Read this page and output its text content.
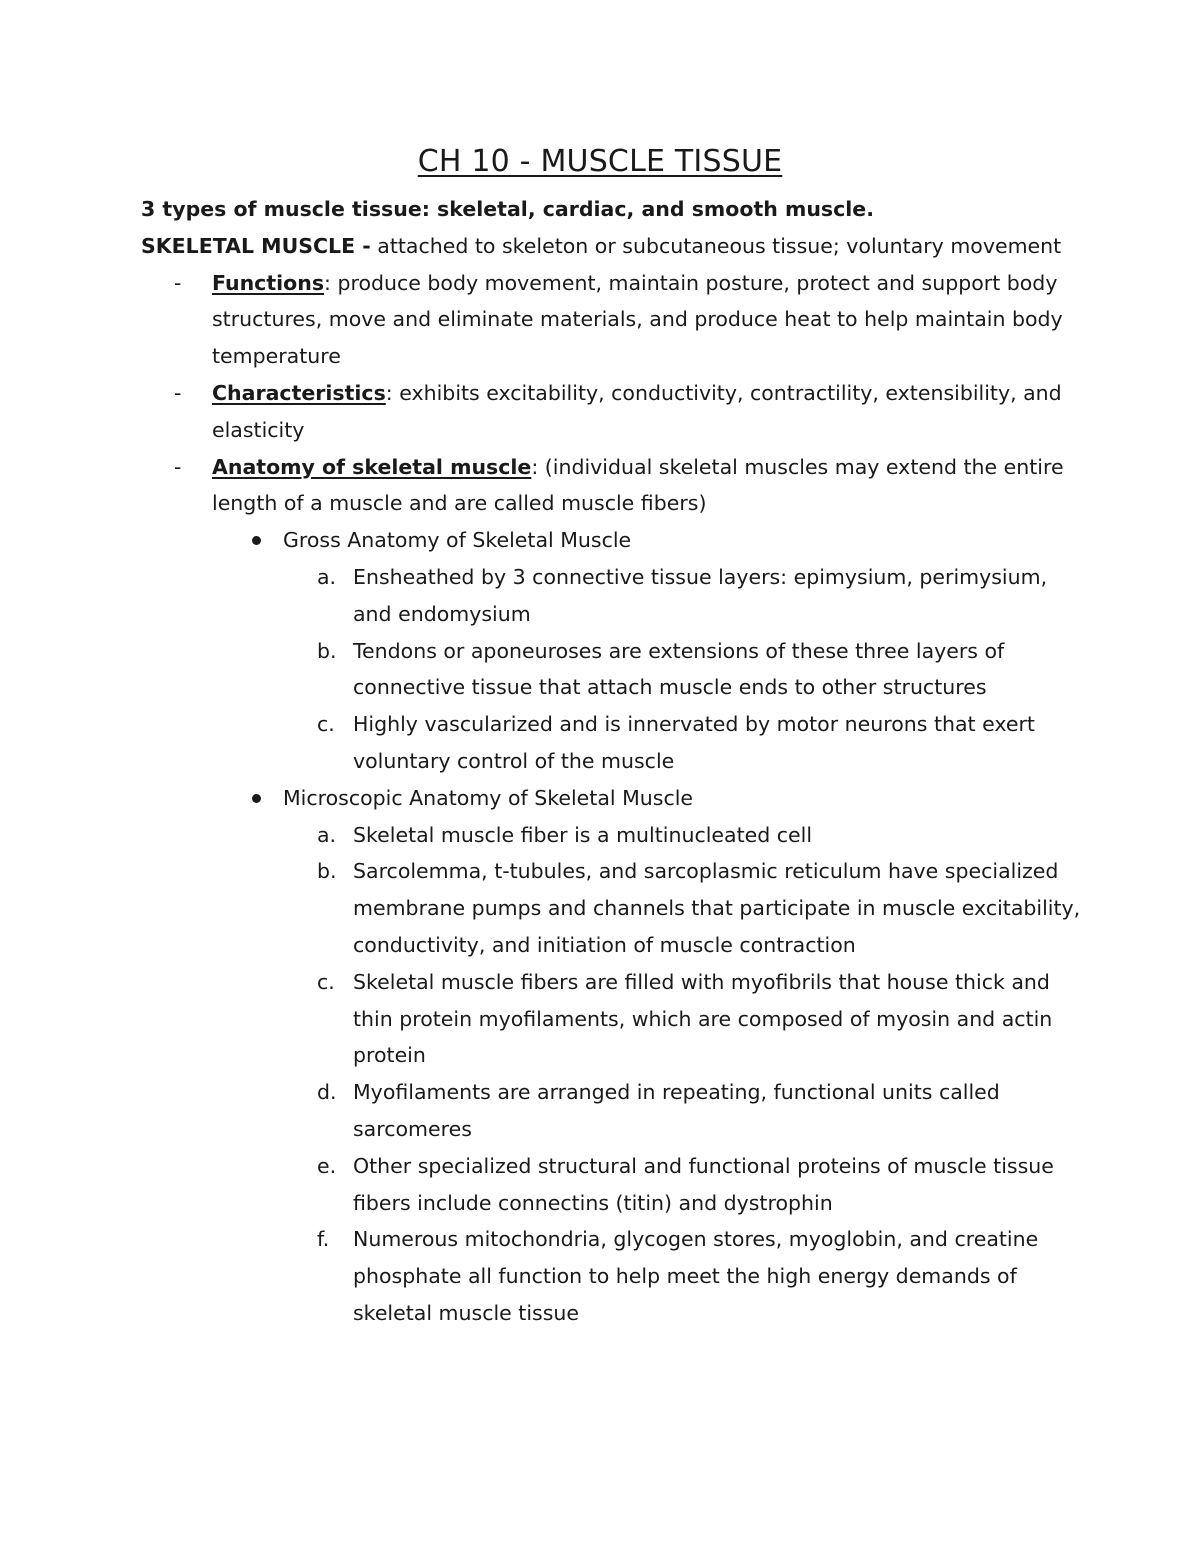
CH 10 - MUSCLE TISSUE

3 types of muscle tissue: skeletal, cardiac, and smooth muscle.

SKELETAL MUSCLE - attached to skeleton or subcutaneous tissue; voluntary movement

- Functions: produce body movement, maintain posture, protect and support body structures, move and eliminate materials, and produce heat to help maintain body temperature
- Characteristics: exhibits excitability, conductivity, contractility, extensibility, and elasticity
- Anatomy of skeletal muscle: (individual skeletal muscles may extend the entire length of a muscle and are called muscle fibers)
Gross Anatomy of Skeletal Muscle
a. Ensheathed by 3 connective tissue layers: epimysium, perimysium, and endomysium
b. Tendons or aponeuroses are extensions of these three layers of connective tissue that attach muscle ends to other structures
c. Highly vascularized and is innervated by motor neurons that exert voluntary control of the muscle
Microscopic Anatomy of Skeletal Muscle
a. Skeletal muscle fiber is a multinucleated cell
b. Sarcolemma, t-tubules, and sarcoplasmic reticulum have specialized membrane pumps and channels that participate in muscle excitability, conductivity, and initiation of muscle contraction
c. Skeletal muscle fibers are filled with myofibrils that house thick and thin protein myofilaments, which are composed of myosin and actin protein
d. Myofilaments are arranged in repeating, functional units called sarcomeres
e. Other specialized structural and functional proteins of muscle tissue fibers include connectins (titin) and dystrophin
f. Numerous mitochondria, glycogen stores, myoglobin, and creatine phosphate all function to help meet the high energy demands of skeletal muscle tissue
